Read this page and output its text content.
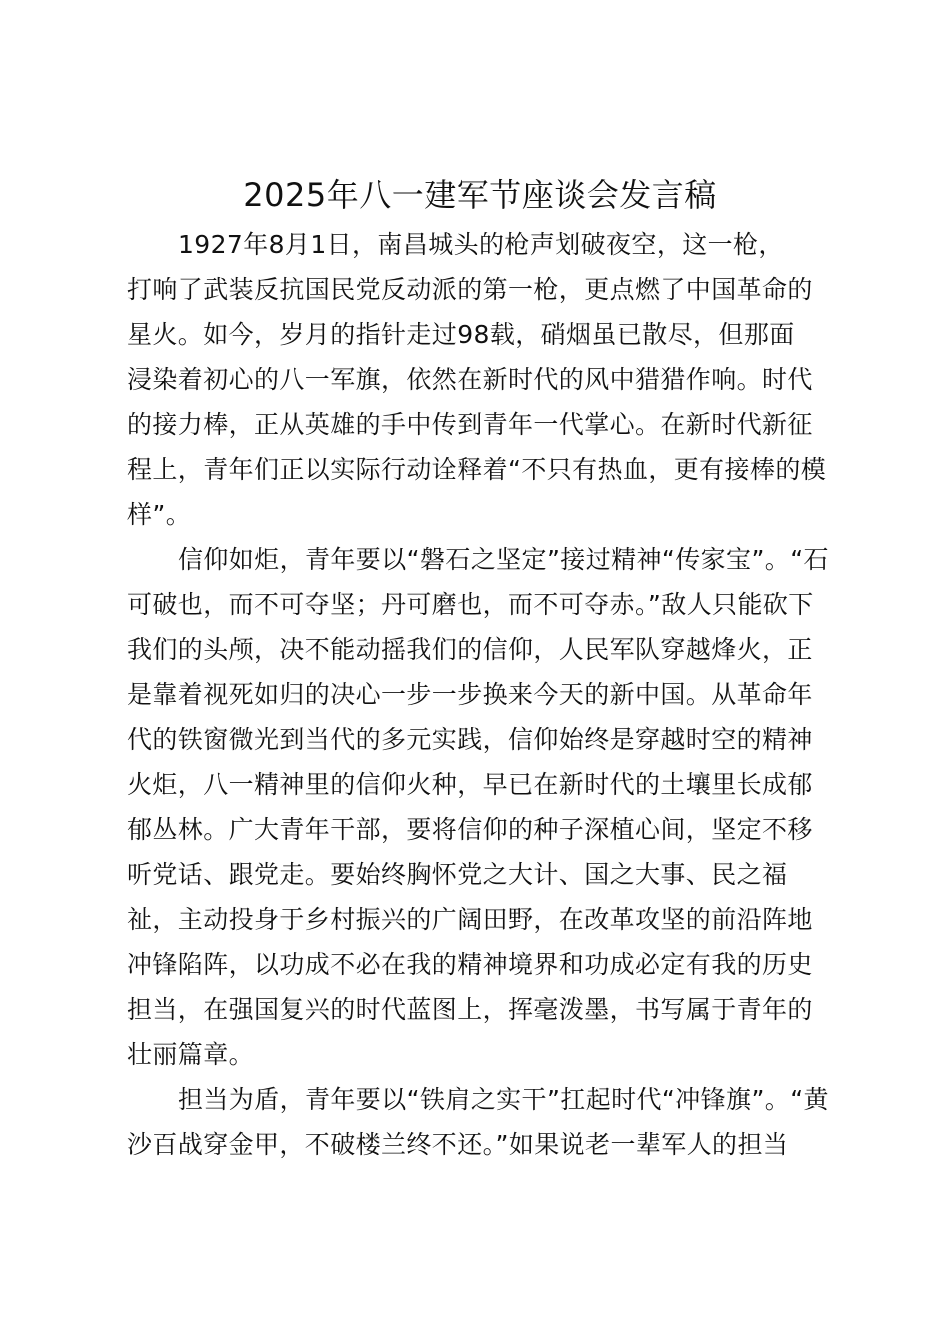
2025年八一建军节座谈会发言稿
1927年8月1日，南昌城头的枪声划破夜空，这一枪，
打响了武装反抗国民党反动派的第一枪，更点燃了中国革命的
星火。如今，岁月的指针走过98载，硝烟虽已散尽，但那面
浸染着初心的八一军旗，依然在新时代的风中猎猎作响。时代
的接力棒，正从英雄的手中传到青年一代掌心。在新时代新征
程上，青年们正以实际行动诠释着“不只有热血，更有接棒的模
样”。
信仰如炬，青年要以“磐石之坚定”接过精神“传家宝”。“石
可破也，而不可夺坚；丹可磨也，而不可夺赤。”敌人只能砍下
我们的头颅，决不能动摇我们的信仰，人民军队穿越烽火，正
是靠着视死如归的决心一步一步换来今天的新中国。从革命年
代的铁窗微光到当代的多元实践，信仰始终是穿越时空的精神
火炬，八一精神里的信仰火种，早已在新时代的土壤里长成郁
郁丛林。广大青年干部，要将信仰的种子深植心间，坚定不移
听党话、跟党走。要始终胸怀党之大计、国之大事、民之福
祉，主动投身于乡村振兴的广阔田野，在改革攻坚的前沿阵地
冲锋陷阵，以功成不必在我的精神境界和功成必定有我的历史
担当，在强国复兴的时代蓝图上，挥毫泼墨，书写属于青年的
壮丽篇章。
担当为盾，青年要以“铁肩之实干”扛起时代“冲锋旗”。“黄
沙百战穿金甲，不破楼兰终不还。”如果说老一辈军人的担当
